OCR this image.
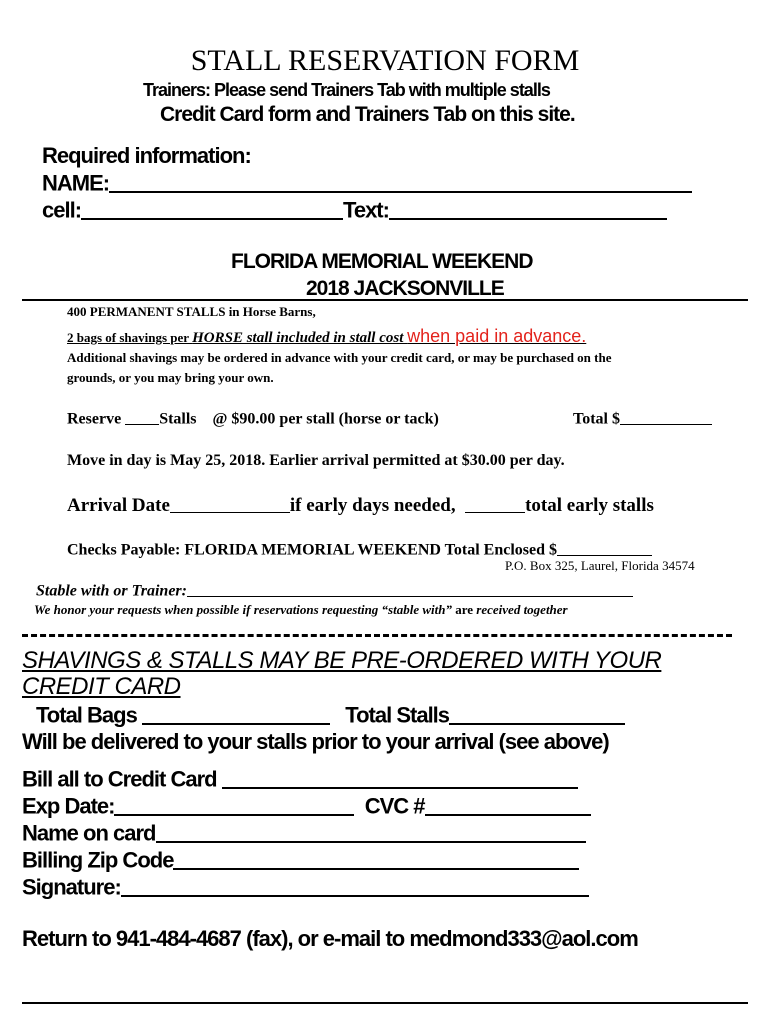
STALL RESERVATION FORM
Trainers: Please send Trainers Tab with multiple stalls
Credit Card form and Trainers Tab on this site.
Required information:
NAME:
cell:	Text:
FLORIDA MEMORIAL WEEKEND
2018 JACKSONVILLE
400 PERMANENT STALLS in Horse Barns,
2 bags of shavings per HORSE stall included in stall cost when paid in advance.
Additional shavings may be ordered in advance with your credit card, or may be purchased on the
grounds, or you may bring your own.
Reserve Stalls @ $90.00 per stall (horse or tack)	Total $
Move in day is May 25, 2018. Earlier arrival permitted at $30.00 per day.
Arrival Date	if early days needed,	total early stalls
Checks Payable: FLORIDA MEMORIAL WEEKEND Total Enclosed $
P.O. Box 325, Laurel, Florida 34574
Stable with or Trainer:
We honor your requests when possible if reservations requesting “stable with” are received together
SHAVINGS & STALLS MAY BE PRE-ORDERED WITH YOUR
CREDIT CARD
Total Bags	Total Stalls
Will be delivered to your stalls prior to your arrival (see above)
Bill all to Credit Card
Exp Date:	CVC #
Name on card
Billing Zip Code
Signature:
Return to 941-484-4687 (fax), or e-mail to medmond333@aol.com
